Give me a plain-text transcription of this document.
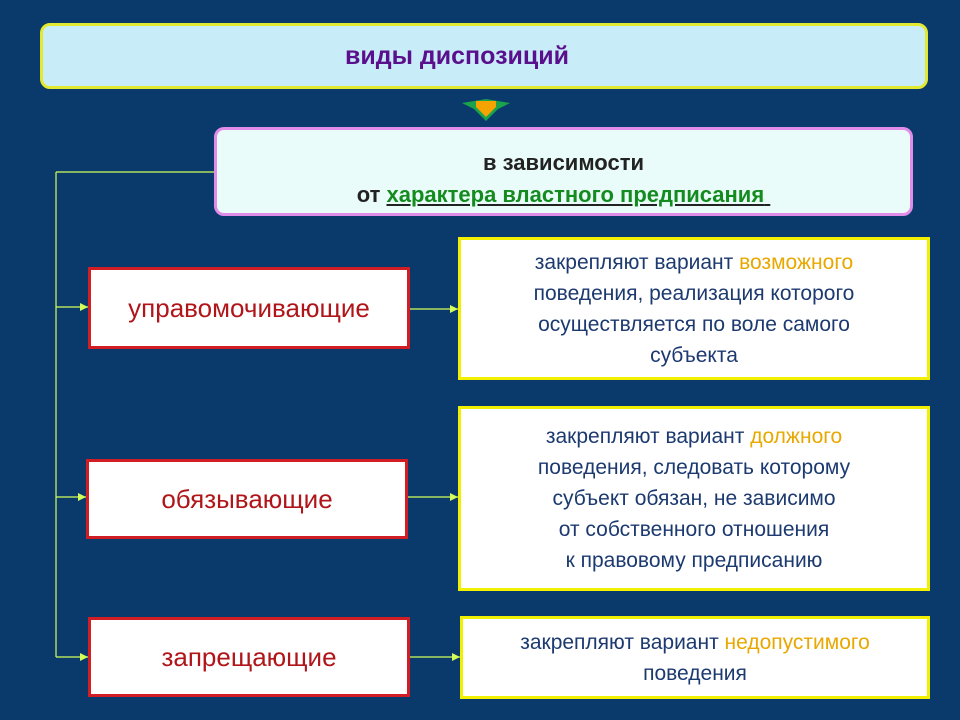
виды диспозиций
в зависимости
от характера властного предписания
управомочивающие
обязывающие
запрещающие
закрепляют вариант возможного
поведения, реализация которого
осуществляется по воле самого
субъекта
закрепляют вариант должного
поведения, следовать которому
субъект обязан, не зависимо
от собственного отношения
к правовому предписанию
закрепляют вариант недопустимого
поведения
